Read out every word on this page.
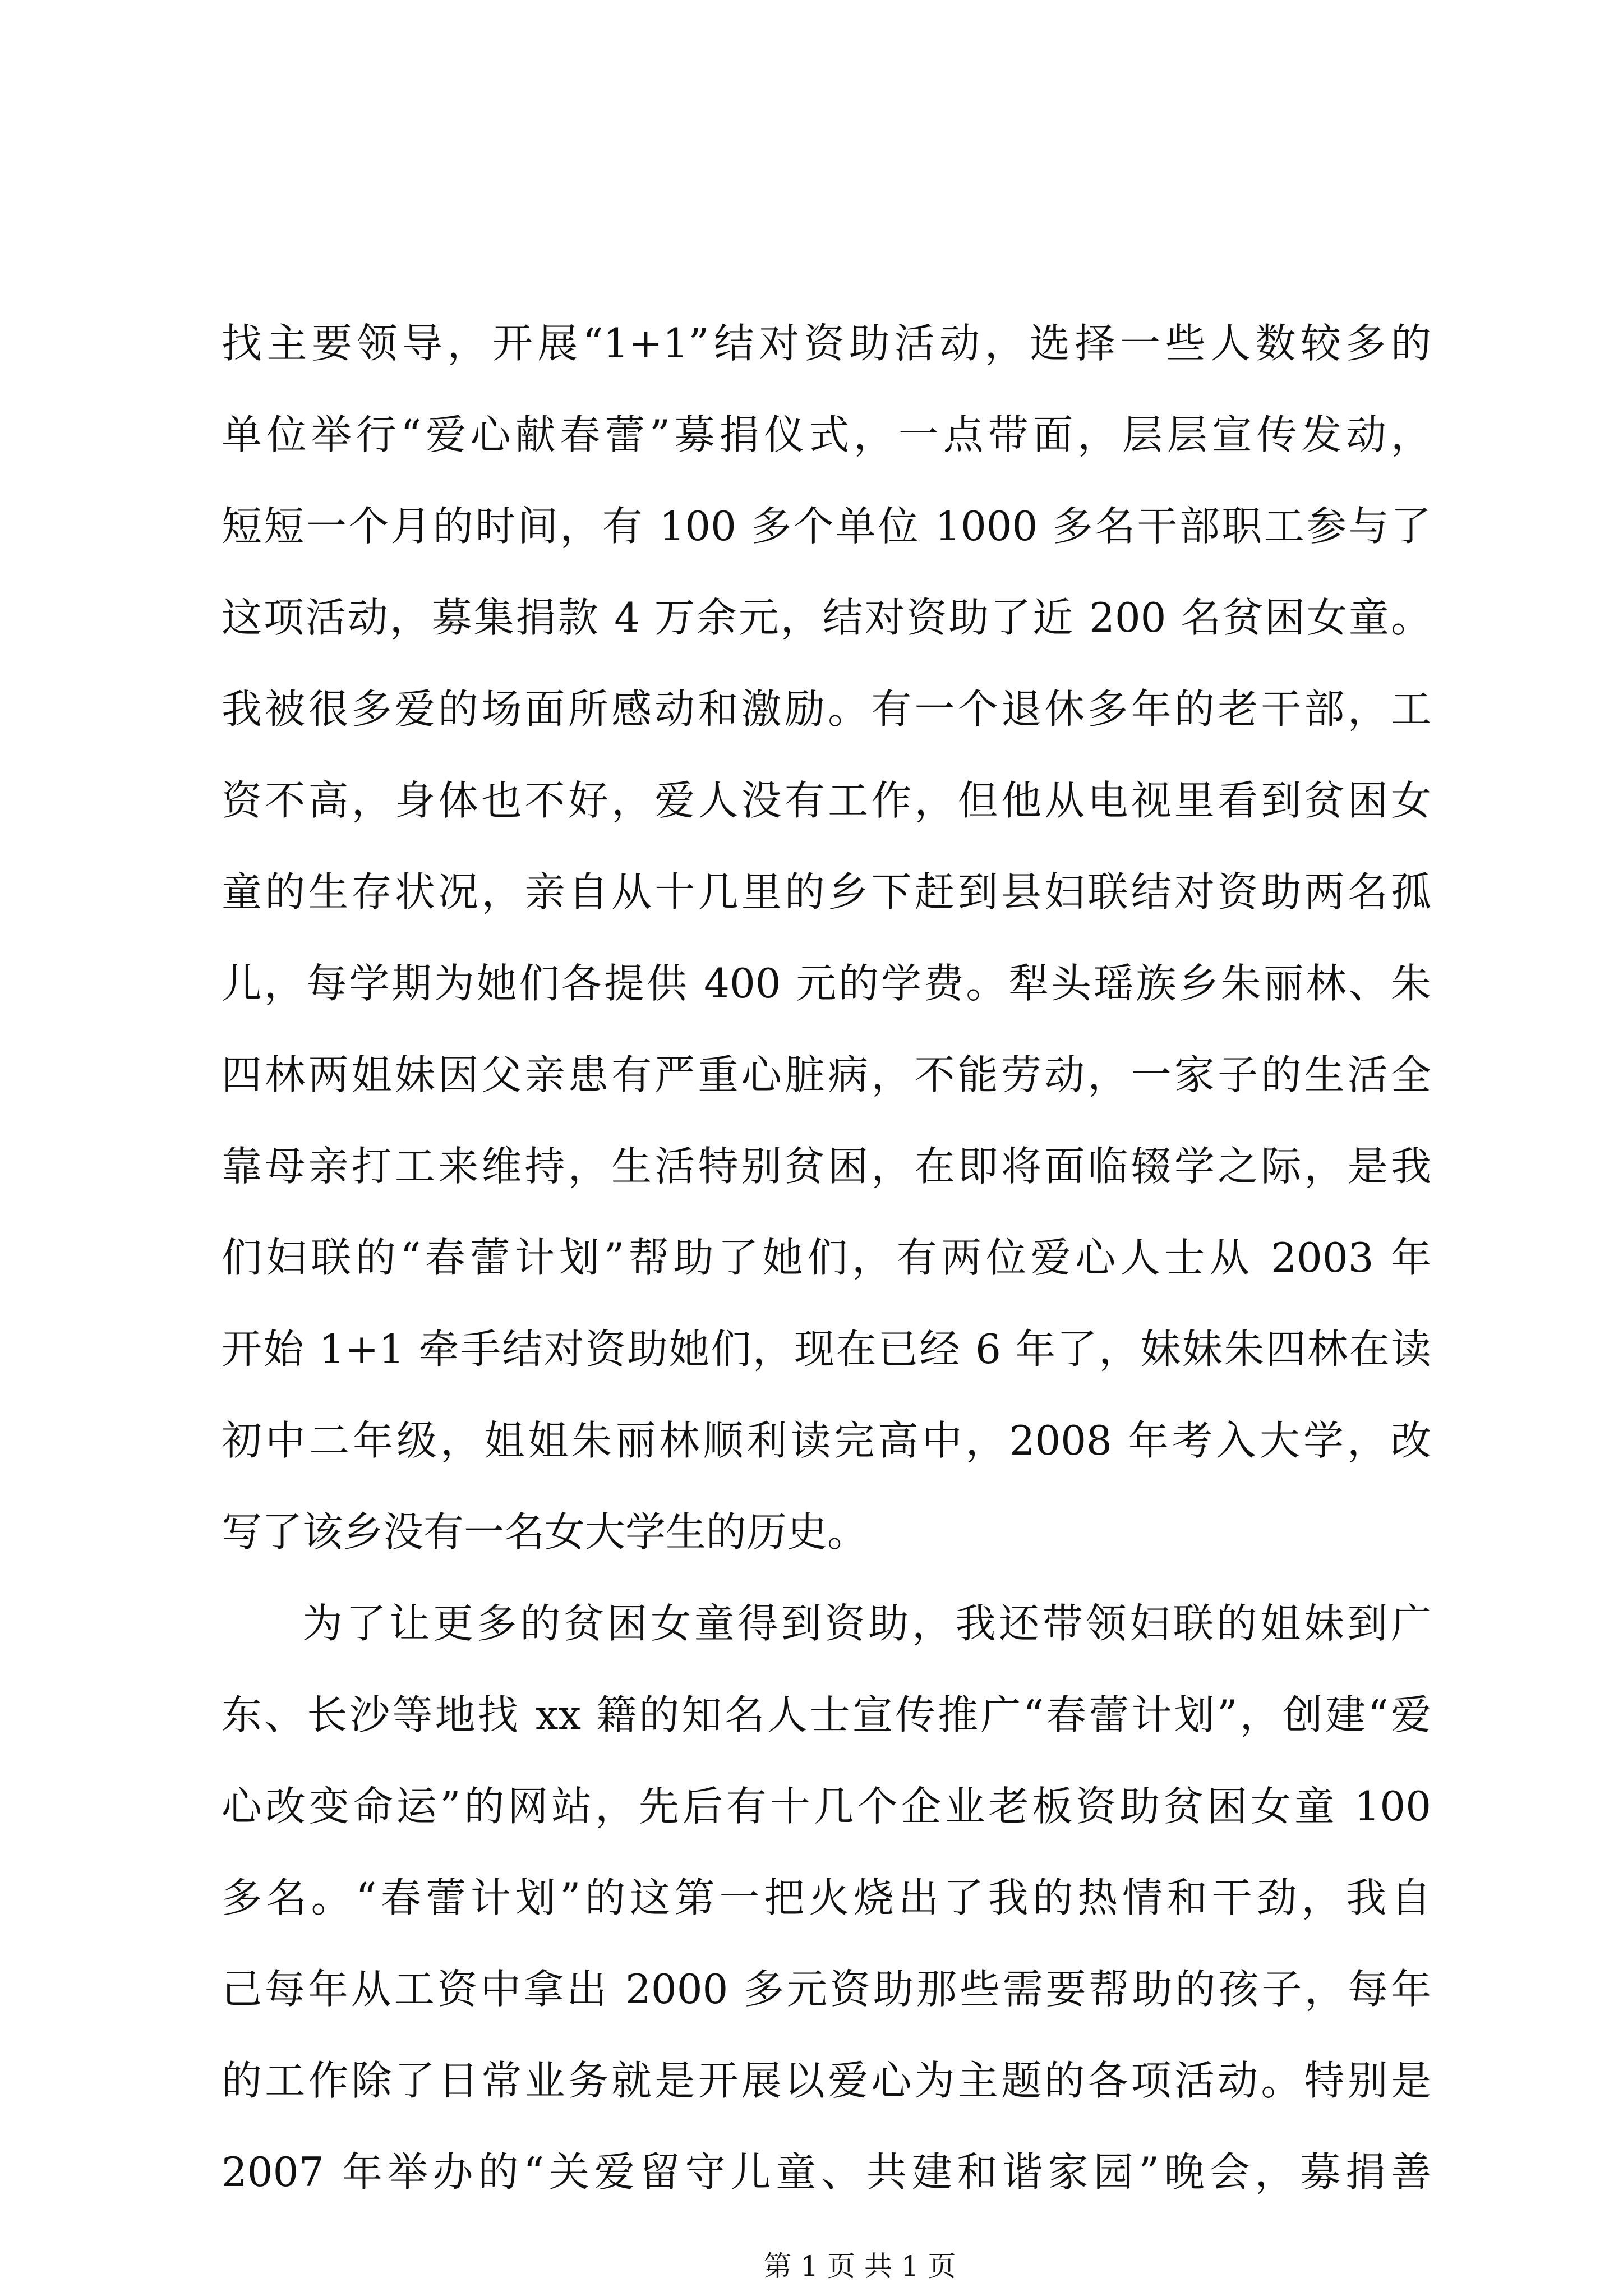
找主要领导，开展“1+1”结对资助活动，选择一些人数较多的
单位举行“爱心献春蕾”募捐仪式，一点带面，层层宣传发动，
短短一个月的时间，有 100 多个单位 1000 多名干部职工参与了
这项活动，募集捐款 4 万余元，结对资助了近 200 名贫困女童。
我被很多爱的场面所感动和激励。有一个退休多年的老干部，工
资不高，身体也不好，爱人没有工作，但他从电视里看到贫困女
童的生存状况，亲自从十几里的乡下赶到县妇联结对资助两名孤
儿，每学期为她们各提供 400 元的学费。犁头瑶族乡朱丽林、朱
四林两姐妹因父亲患有严重心脏病，不能劳动，一家子的生活全
靠母亲打工来维持，生活特别贫困，在即将面临辍学之际，是我
们妇联的“春蕾计划”帮助了她们，有两位爱心人士从 2003 年
开始 1+1 牵手结对资助她们，现在已经 6 年了，妹妹朱四林在读
初中二年级，姐姐朱丽林顺利读完高中，2008 年考入大学，改
写了该乡没有一名女大学生的历史。
为了让更多的贫困女童得到资助，我还带领妇联的姐妹到广
东、长沙等地找 xx 籍的知名人士宣传推广“春蕾计划”，创建“爱
心改变命运”的网站，先后有十几个企业老板资助贫困女童 100
多名。“春蕾计划”的这第一把火烧出了我的热情和干劲，我自
己每年从工资中拿出 2000 多元资助那些需要帮助的孩子，每年
的工作除了日常业务就是开展以爱心为主题的各项活动。特别是
2007 年举办的“关爱留守儿童、共建和谐家园”晚会，募捐善
第 1 页 共 1 页
